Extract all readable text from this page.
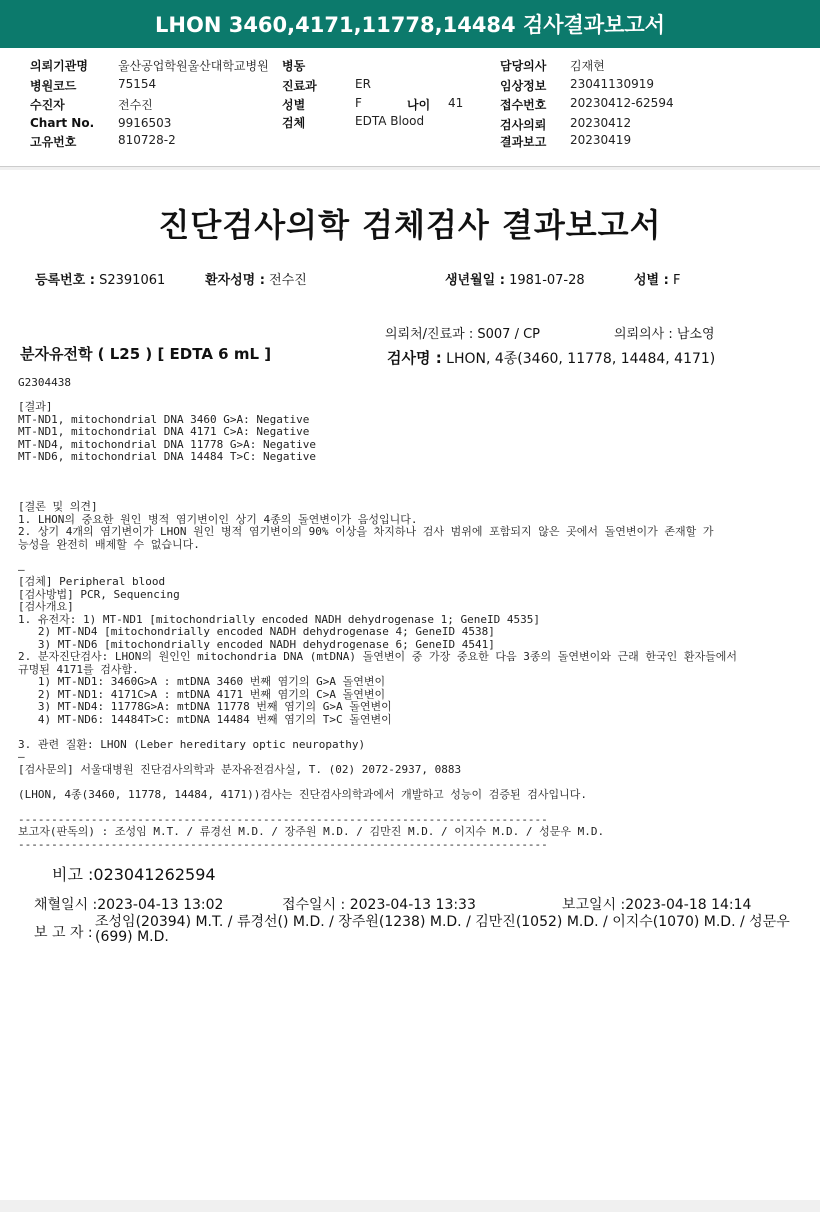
LHON 3460,4171,11778,14484 검사결과보고서
의뢰기관명	울산공업학원울산대학교병원
병원코드	75154
수진자	전수진
Chart No. 9916503
고유번호	810728-2
병동
진료과	ER
성별	F
검체	EDTA Blood
나이 41
담당의사 김재현
임상정보 23041130919
접수번호 20230412-62594
검사의뢰 20230412
결과보고 20230419
진단검사의학 검체검사 결과보고서
등록번호 : S2391061	환자성명 : 전수진	생년월일 : 1981-07-28	성별 : F
의뢰처/진료과 : S007 / CP	의뢰의사 : 남소영
분자유전학 ( L25 ) [ EDTA 6 mL ]	검사명 : LHON, 4종(3460, 11778, 14484, 4171)
G2304438
[결과]
MT-ND1, mitochondrial DNA 3460 G>A: Negative
MT-ND1, mitochondrial DNA 4171 C>A: Negative
MT-ND4, mitochondrial DNA 11778 G>A: Negative
MT-ND6, mitochondrial DNA 14484 T>C: Negative
[결론 및 의견]
1. LHON의 중요한 원인 병적 염기변이인 상기 4종의 돌연변이가 음성입니다.
2. 상기 4개의 염기변이가 LHON 원인 병적 염기변이의 90% 이상을 차지하나 검사 범위에 포함되지 않은 곳에서 돌연변이가 존재할 가
능성을 완전히 배제할 수 없습니다.
—
[검체] Peripheral blood
[검사방법] PCR, Sequencing
[검사개요]
1. 유전자: 1) MT-ND1 [mitochondrially encoded NADH dehydrogenase 1; GeneID 4535]
2) MT-ND4 [mitochondrially encoded NADH dehydrogenase 4; GeneID 4538]
3) MT-ND6 [mitochondrially encoded NADH dehydrogenase 6; GeneID 4541]
2. 분자진단검사: LHON의 원인인 mitochondria DNA (mtDNA) 돌연변이 중 가장 중요한 다음 3종의 돌연변이와 근래 한국인 환자들에서
규명된 4171를 검사함.
1) MT-ND1: 3460G>A : mtDNA 3460 번째 염기의 G>A 돌연변이
2) MT-ND1: 4171C>A : mtDNA 4171 번째 염기의 C>A 돌연변이
3) MT-ND4: 11778G>A: mtDNA 11778 번째 염기의 G>A 돌연변이
4) MT-ND6: 14484T>C: mtDNA 14484 번째 염기의 T>C 돌연변이
3. 관련 질환: LHON (Leber hereditary optic neuropathy)
—
[검사문의] 서울대병원 진단검사의학과 분자유전검사실, T. (02) 2072-2937, 0883
(LHON, 4종(3460, 11778, 14484, 4171))검사는 진단검사의학과에서 개발하고 성능이 검증된 검사입니다.
--------------------------------------------------------------------------------
보고자(판독의) : 조성임 M.T. / 류경선 M.D. / 장주원 M.D. / 김만진 M.D. / 이지수 M.D. / 성문우 M.D.
--------------------------------------------------------------------------------
비고 :023041262594
채혈일시 :2023-04-13 13:02	접수일시 : 2023-04-13 13:33	보고일시 :2023-04-18 14:14
보 고 자 :
조성임(20394) M.T. / 류경선() M.D. / 장주원(1238) M.D. / 김만진(1052) M.D. / 이지수(1070) M.D. / 성문우 (699) M.D.
